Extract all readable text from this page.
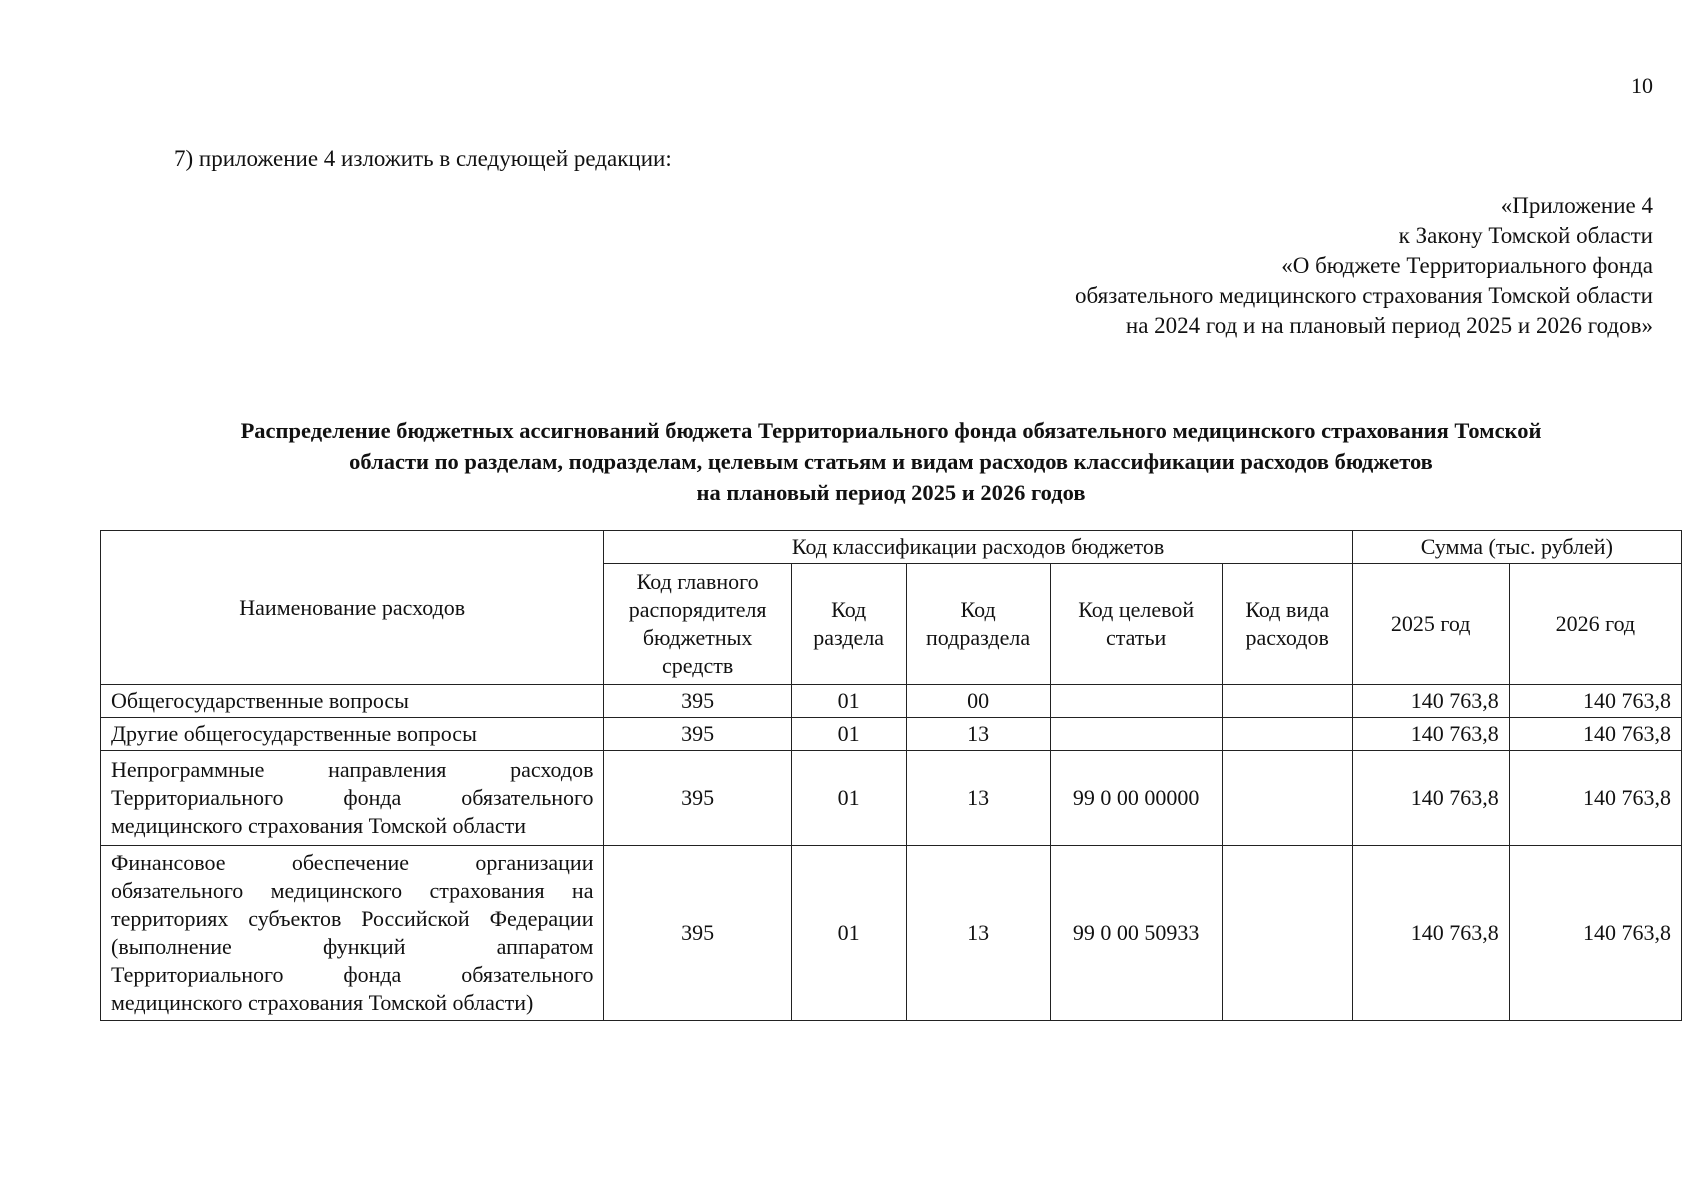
10
7) приложение 4 изложить в следующей редакции:
«Приложение 4
к Закону Томской области
«О бюджете Территориального фонда
обязательного медицинского страхования Томской области
на 2024 год и на плановый период 2025 и 2026 годов»
Распределение бюджетных ассигнований бюджета Территориального фонда обязательного медицинского страхования Томской
области по разделам, подразделам, целевым статьям и видам расходов классификации расходов бюджетов
на плановый период 2025 и 2026 годов
Наименование расходов	Код классификации расходов бюджетов					Сумма (тыс. рублей)	
	Код главного распорядителя бюджетных средств	Код раздела	Код подраздела	Код целевой статьи	Код вида расходов	2025 год	2026 год
Общегосударственные вопросы	395	01	00			140 763,8	140 763,8
Другие общегосударственные вопросы	395	01	13			140 763,8	140 763,8
Непрограммные направления расходов Территориального фонда обязательного медицинского страхования Томской области	395	01	13	99 0 00 00000		140 763,8	140 763,8
Финансовое обеспечение организации обязательного медицинского страхования на территориях субъектов Российской Федерации (выполнение функций аппаратом Территориального фонда обязательного медицинского страхования Томской области)	395	01	13	99 0 00 50933		140 763,8	140 763,8
